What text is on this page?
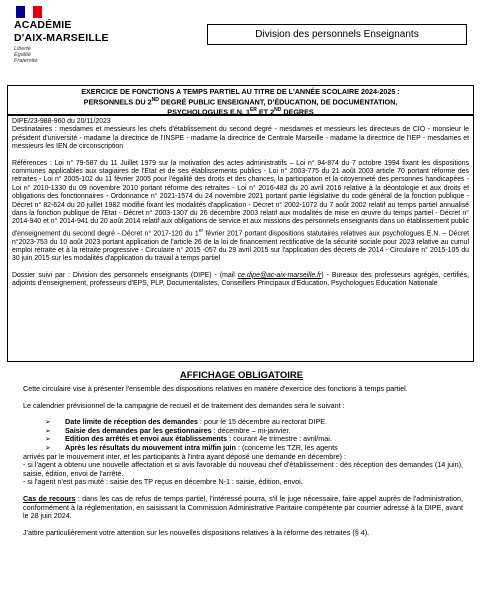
ACADÉMIE
D'AIX-MARSEILLE
Liberté
Égalité
Fraternité
Division des personnels Enseignants
EXERCICE DE FONCTIONS A TEMPS PARTIEL AU TITRE DE L'ANNÉE SCOLAIRE 2024-2025 :
PERSONNELS DU 2ND DEGRÉ PUBLIC ENSEIGNANT, D'ÉDUCATION, DE DOCUMENTATION,
PSYCHOLOGUES E.N. 1ER ET 2ND DEGRES

DIPE/23-988-960 du 20/11/2023

Destinataires : mesdames et messieurs les chefs d'établissement du second degré - mesdames et messieurs les directeurs de CIO - monsieur le président d'université - madame la directrice de l'INSPE - madame la directrice de Centrale Marseille - madame la directrice de l'IEP - mesdames et messieurs les IEN de circonscription

Références : Loi n° 79-587 du 11 Juillet 1979 sur la motivation des actes administratifs – Loi n° 94-874 du 7 octobre 1994 fixant les dispositions communes applicables aux stagiaires de l'Etat et de ses établissements publics - Loi n° 2003-775 du 21 août 2003 article 70 portant réforme des retraites - Loi n° 2005-102 du 11 février 2005 pour l'égalité des droits et des chances, la participation et la citoyenneté des personnes handicapées - Loi n° 2010-1330 du 09 novembre 2010 portant réforme des retraites - Loi n° 2016-483 du 20 avril 2016 relative à la déontologie et aux droits et obligations des fonctionnaires - Ordonnance n° 2021-1574 du 24 novembre 2021 portant partie législative du code général de la fonction publique - Décret n° 82-624 du 20 juillet 1982 modifié fixant les modalités d'application - Décret n° 2002-1072 du 7 août 2002 relatif au temps partiel annualisé dans la fonction publique de l'Etat - Décret n° 2003-1307 du 26 décembre 2003 relatif aux modalités de mise en œuvre du temps partiel - Décret n° 2014-940 et n° 2014-941 du 20 août 2014 relatif aux obligations de service et aux missions des personnels enseignants dans un établissement public d'enseignement du second degré - Décret n° 2017-120 du 1er février 2017 portant dispositions statutaires relatives aux psychologues E.N. – Décret n°2023-753 du 10 août 2023 portant application de l'article 26 de la loi de financement rectificative de la sécurité sociale pour 2023 relative au cumul emploi retraite et à la retraite progressive - Circulaire n° 2015 -057 du 29 avril 2015 sur l'application des décrets de 2014 - Circulaire n° 2015-105 du 30 juin 2015 sur les modalités d'application du travail à temps partiel

Dossier suivi par : Division des personnels enseignants (DIPE) - (mail ce.dipe@ac-aix-marseille.fr) - Bureaux des professeurs agrégés, certifiés, adjoints d'enseignement, professeurs d'EPS, PLP, Documentalistes, Conseillers Principaux d'Education, Psychologues Education Nationale

AFFICHAGE OBLIGATOIRE

Cette circulaire vise à présenter l'ensemble des dispositions relatives en matière d'exercice des fonctions à temps partiel.

Le calendrier prévisionnel de la campagne de recueil et de traitement des demandes sera le suivant :

➢	Date limite de réception des demandes : pour le 15 décembre au rectorat DIPE.
➢	Saisie des demandes par les gestionnaires : décembre – mi-janvier.
➢	Edition des arrêtés et envoi aux établissements : courant 4e trimestre : avril/mai.
➢	Après les résultats du mouvement intra mi/fin juin : (concerne les TZR, les agents

arrivés par le mouvement inter, et les participants à l'intra ayant déposé une demande en décembre) :

- si l'agent a obtenu une nouvelle affectation et si avis favorable du nouveau chef d'établissement : dès réception des demandes (14 juin), saisie, édition, envoi de l'arrêté.

- si l'agent n'est pas muté : saisie des TP reçus en décembre N-1 : saisie, édition, envoi.

Cas de recours : dans les cas de refus de temps partiel, l'intéressé pourra, s'il le juge nécessaire, faire appel auprès de l'administration, conformément à la réglementation, en saisissant la Commission Administrative Paritaire compétente par courrier adressé à la DIPE, avant le 28 juin 2024.

J'attire particulièrement votre attention sur les nouvelles dispositions relatives à la réforme des retraites (§ 4).
